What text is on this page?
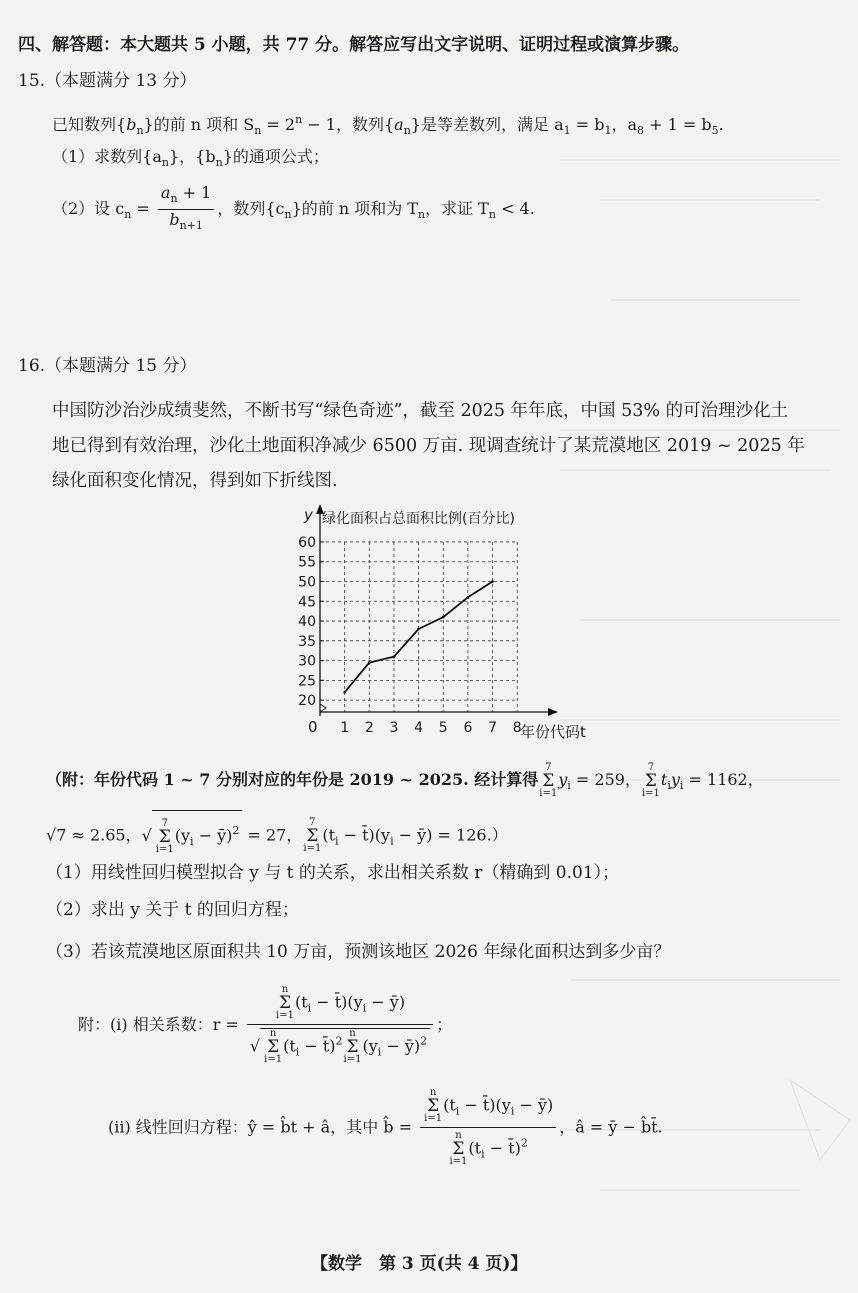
四、解答题：本大题共 5 小题，共 77 分。解答应写出文字说明、证明过程或演算步骤。
15.（本题满分 13 分）
已知数列$\{b_n\}$的前 n 项和 $S_n = 2^n - 1$，数列$\{a_n\}$是等差数列，满足 $a_1 = b_1$，$a_8 + 1 = b_5$.
（1）求数列$\{a_n\}$，$\{b_n\}$的通项公式；
（2）设 $c_n = \frac{a_n + 1}{b_{n+1}}$ ，数列$\{c_n\}$的前 n 项和为 $T_n$，求证 $T_n < 4$.
16.（本题满分 15 分）
中国防沙治沙成绩斐然，不断书写“绿色奇迹”，截至 2025 年年底，中国 53% 的可治理沙化土
地已得到有效治理，沙化土地面积净减少 6500 万亩. 现调查统计了某荒漠地区 2019 ~ 2025 年
绿化面积变化情况，得到如下折线图.
20
25
30
35
40
45
50
55
60
1 2 3 4 5 6 7 8
绿化面积占总面积比例(百分比)
y
年份代码t
0
（附：年份代码 1 ~ 7 分别对应的年份是 2019 ~ 2025. 经计算得7
Σ
$i=1y_i = 259$，7
Σ
$i=1t_iy_i = 1162$，
√7 ≈ 2.65，√7
Σ
$i=1(y_i$ − ȳ)$^2$ = 27，7
Σ
$i=1(t_i$ − $t̄)(y_i$ − ȳ) = 126.）
（1）用线性回归模型拟合 y 与 t 的关系，求出相关系数 r（精确到 0.01）；
（2）求出 y 关于 t 的回归方程；
（3）若该荒漠地区原面积共 10 万亩，预测该地区 2026 年绿化面积达到多少亩？
附：(i) 相关系数：r = n
Σ
$i=1(t_i$ − $t̄)(y_i$ − ȳ)
√n
Σ
$i=1(t_i$ − t̄)$^2$n
Σ
$i=1(y_i$ − ȳ)$^2$ ；
(ii) 线性回归方程：ŷ = b̂t + â，其中 b̂ = n
Σ
$i=1(t_i$ − $t̄)(y_i$ − ȳ)
n
Σ
$i=1(t_i$ − t̄)$^2$ ，â = ȳ − b̂t̄.
【数学　第 3 页(共 4 页)】
